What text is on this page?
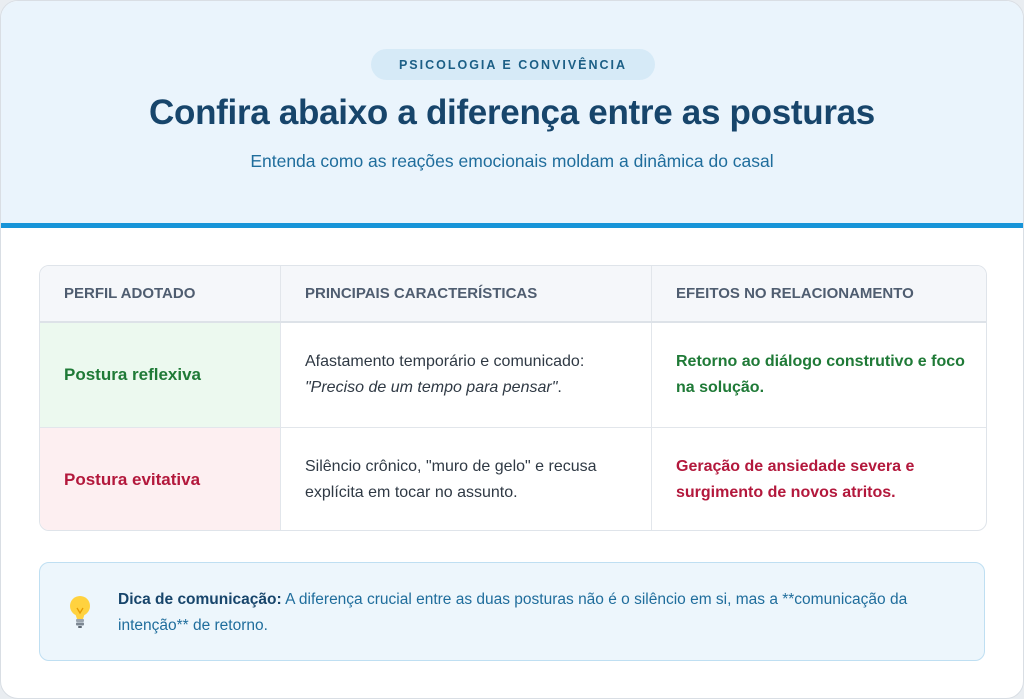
PSICOLOGIA E CONVIVÊNCIA
Confira abaixo a diferença entre as posturas
Entenda como as reações emocionais moldam a dinâmica do casal
PERFIL ADOTADO	PRINCIPAIS CARACTERÍSTICAS	EFEITOS NO RELACIONAMENTO
Postura reflexiva
Afastamento temporário e comunicado:
"Preciso de um tempo para pensar".
Retorno ao diálogo construtivo e foco na solução.
Postura evitativa
Silêncio crônico, "muro de gelo" e recusa explícita em tocar no assunto.
Geração de ansiedade severa e surgimento de novos atritos.
Dica de comunicação: A diferença crucial entre as duas posturas não é o silêncio em si, mas a **comunicação da intenção** de retorno.
